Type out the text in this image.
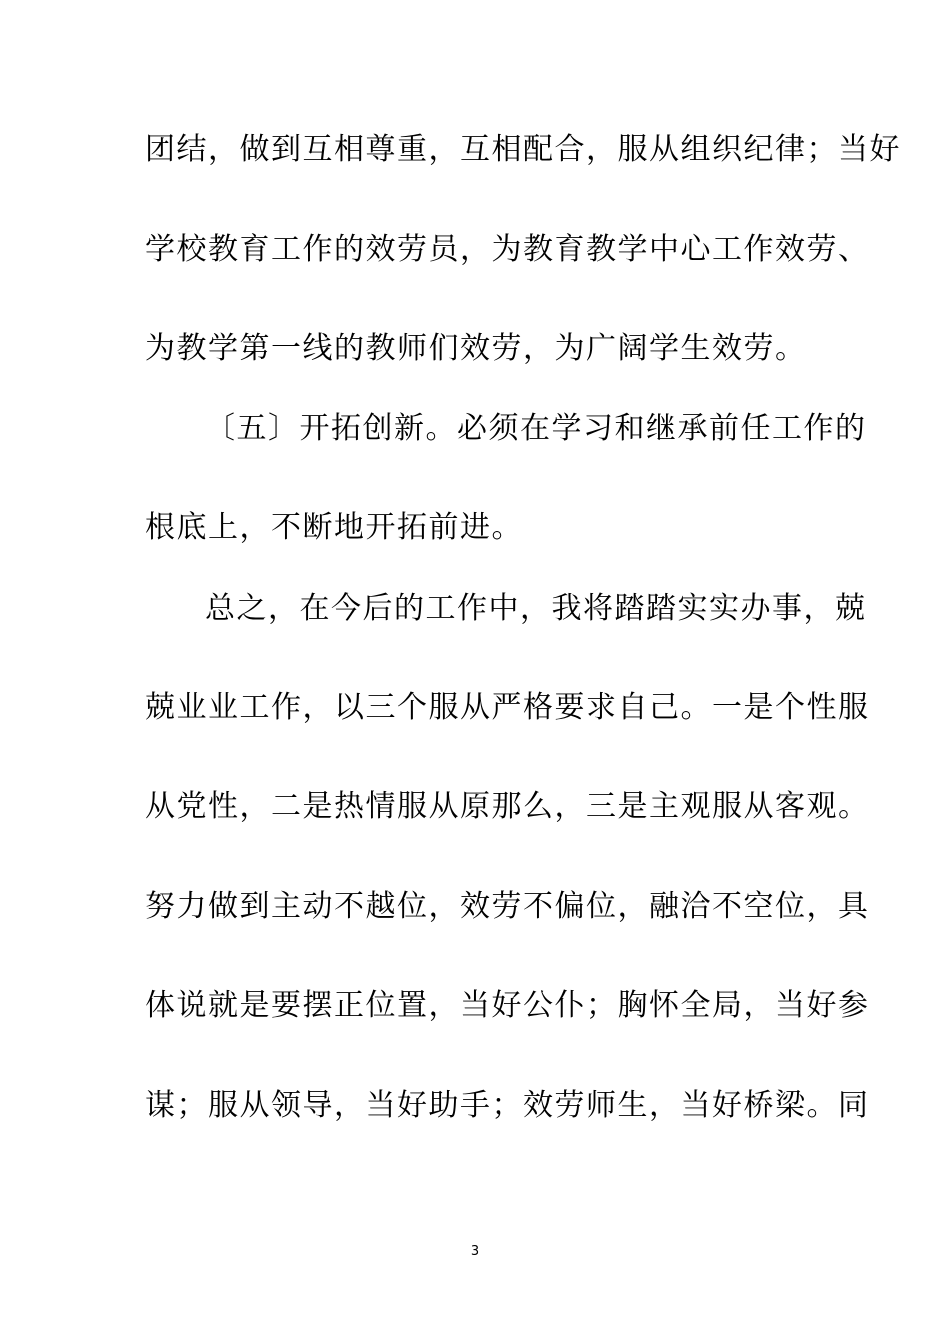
团结，做到互相尊重，互相配合，服从组织纪律；当好
学校教育工作的效劳员，为教育教学中心工作效劳、
为教学第一线的教师们效劳，为广阔学生效劳。
〔五〕开拓创新。必须在学习和继承前任工作的
根底上，不断地开拓前进。
总之，在今后的工作中，我将踏踏实实办事，兢
兢业业工作，以三个服从严格要求自己。一是个性服
从党性，二是热情服从原那么，三是主观服从客观。
努力做到主动不越位，效劳不偏位，融洽不空位，具
体说就是要摆正位置，当好公仆；胸怀全局，当好参
谋；服从领导，当好助手；效劳师生，当好桥梁。同
3
